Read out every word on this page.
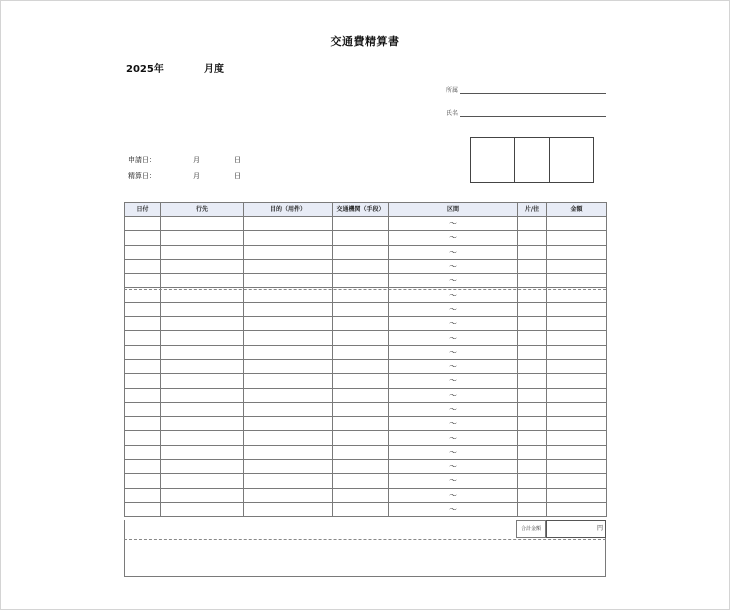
交通費精算書
2025年	月度
所属
氏名
申請日：	月	日
精算日：	月	日
日付	行先	目的（用件）	交通機関（手段）	区間	片/往	金額
				〜		
				〜		
				〜		
				〜		
				〜		
				〜		
				〜		
				〜		
				〜		
				〜		
				〜		
				〜		
				〜		
				〜		
				〜		
				〜		
				〜		
				〜		
				〜		
				〜		
				〜		
合計金額	円
